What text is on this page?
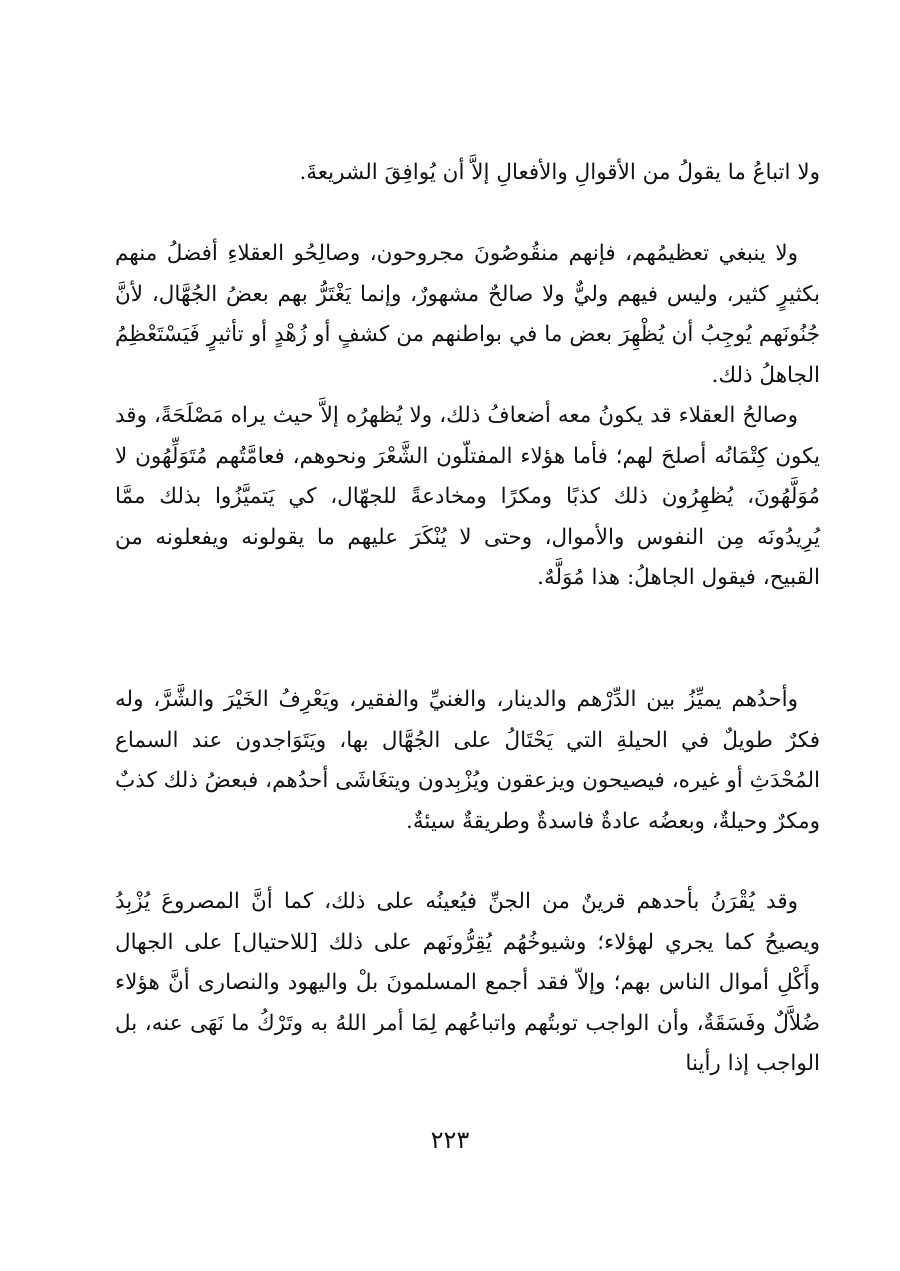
ولا اتباعُ ما يقولُ من الأقوالِ والأفعالِ إلاَّ أن يُوافِقَ الشريعةَ.

ولا ينبغي تعظيمُهم، فإنهم منقُوصُونَ مجروحون، وصالِحُو العقلاءِ أفضلُ منهم بكثيرٍ كثير، وليس فيهم وليٌّ ولا صالحٌ مشهورٌ، وإنما يَغْتَرُّ بهم بعضُ الجُهَّال، لأنَّ جُنُونَهم يُوجِبُ أن يُظْهِرَ بعض ما في بواطنهم من كشفٍ أو زُهْدٍ أو تأثيرٍ فَيَسْتَعْظِمُ الجاهلُ ذلك.

وصالحُ العقلاء قد يكونُ معه أضعافُ ذلك، ولا يُظهرُه إلاَّ حيث يراه مَصْلَحَةً، وقد يكون كِتْمَانُه أصلحَ لهم؛ فأما هؤلاء المفتلّون الشَّعْرَ ونحوهم، فعامَّتُهم مُتَوَلِّهُون لا مُوَلَّهُونَ، يُظهِرُون ذلك كذبًا ومكرًا ومخادعةً للجهّال، كي يَتميَّزُوا بذلك ممَّا يُرِيدُونَه مِن النفوس والأموال، وحتى لا يُنْكَرَ عليهم ما يقولونه ويفعلونه من القبيح، فيقول الجاهلُ: هذا مُوَلَّهٌ.

وأحدُهم يميِّزُ بين الدِّرْهم والدينار، والغنيِّ والفقير، ويَعْرِفُ الخَيْرَ والشَّرَّ، وله فكرٌ طويلٌ في الحيلةِ التي يَحْتَالُ على الجُهَّال بها، ويَتَوَاجدون عند السماع المُحْدَثِ أو غيره، فيصيحون ويزعقون ويُزْبِدون ويتغَاشَى أحدُهم، فبعضُ ذلك كذبٌ ومكرٌ وحيلةٌ، وبعضُه عادةٌ فاسدةٌ وطريقةٌ سيئةٌ.

وقد يُقْرَنُ بأحدهم قرينٌ من الجنِّ فيُعينُه على ذلك، كما أنَّ المصروعَ يُزْبِدُ ويصيحُ كما يجري لهؤلاء؛ وشيوخُهُم يُقِرُّونَهم على ذلك [للاحتيال] على الجهال وأَكْلِ أموال الناس بهم؛ وإلاّ فقد أجمع المسلمونَ بلْ واليهود والنصارى أنَّ هؤلاء ضُلاَّلٌ وفَسَقَةٌ، وأن الواجب توبتُهم واتباعُهم لِمَا أمر اللهُ به وتَرْكُ ما نَهَى عنه، بل الواجب إذا رأينا

٢٢٣
